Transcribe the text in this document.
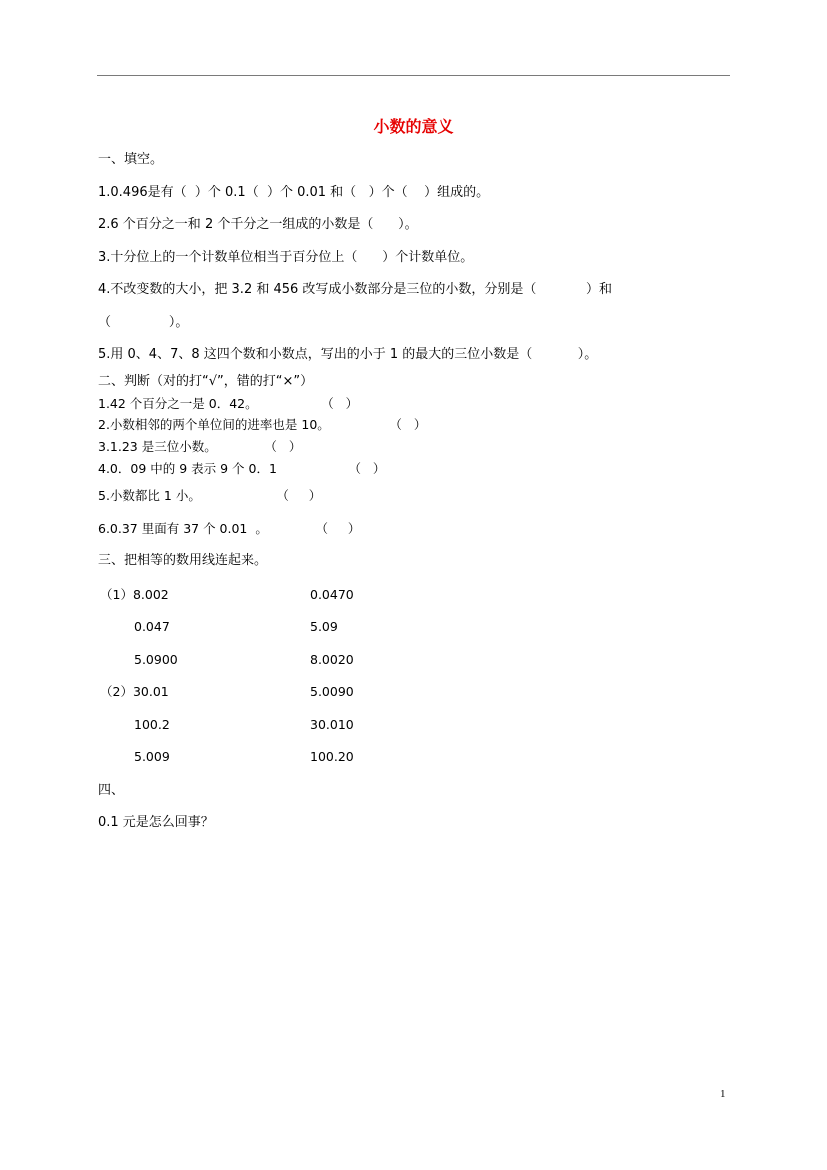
小数的意义
一、填空。
1.0.496是有（  ）个 0.1（  ）个 0.01 和（   ）个（    ）组成的。
2.6 个百分之一和 2 个千分之一组成的小数是（      ）。
3.十分位上的一个计数单位相当于百分位上（      ）个计数单位。
4.不改变数的大小，把 3.2 和 456 改写成小数部分是三位的小数，分别是（            ）和
（              ）。
5.用 0、4、7、8 这四个数和小数点，写出的小于 1 的最大的三位小数是（           ）。
二、判断（对的打“√”，错的打“×”）
1.42 个百分之一是 0．42。                （   ）
2.小数相邻的两个单位间的进率也是 10。               （   ）
3.1.23 是三位小数。            （   ）
4.0．09 中的 9 表示 9 个 0．1                  （   ）
5.小数都比 1 小。                   （     ）
6.0.37 里面有 37 个 0.01  。            （     ）
三、把相等的数用线连起来。
（1）8.002
0.047
5.0900
（2）30.01
100.2
5.009
0.0470
5.09
8.0020
5.0090
30.010
100.20
四、
0.1 元是怎么回事？
1
